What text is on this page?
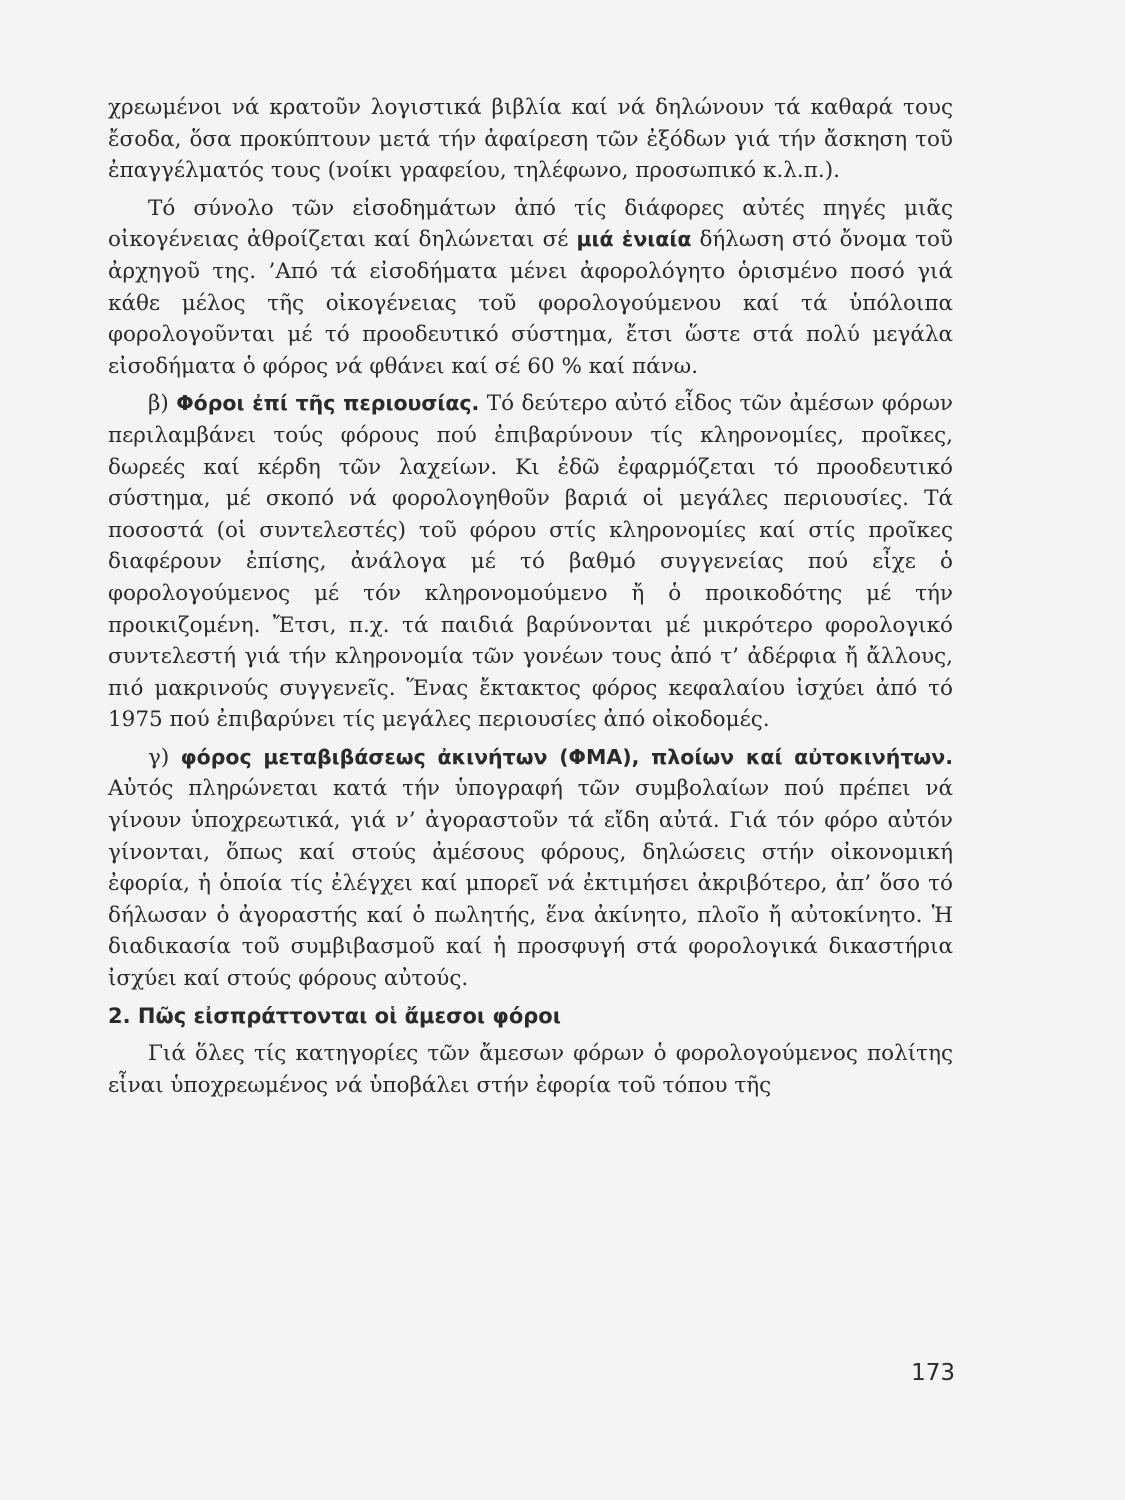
χρεωμένοι νά κρατοῦν λογιστικά βιβλία καί νά δηλώνουν τά καθαρά τους ἔσοδα, ὅσα προκύπτουν μετά τήν ἀφαίρεση τῶν ἐξόδων γιά τήν ἄσκηση τοῦ ἐπαγγέλματός τους (νοίκι γραφείου, τηλέφωνο, προσωπικό κ.λ.π.).

Τό σύνολο τῶν εἰσοδημάτων ἀπό τίς διάφορες αὐτές πηγές μιᾶς οἰκογένειας ἀθροίζεται καί δηλώνεται σέ μιά ἑνιαία δήλωση στό ὄνομα τοῦ ἀρχηγοῦ της. ’Από τά εἰσοδήματα μένει ἀφορολόγητο ὁρισμένο ποσό γιά κάθε μέλος τῆς οἰκογένειας τοῦ φορολογούμενου καί τά ὑπόλοιπα φορολογοῦνται μέ τό προοδευτικό σύστημα, ἔτσι ὥστε στά πολύ μεγάλα εἰσοδήματα ὁ φόρος νά φθάνει καί σέ 60 % καί πάνω.

β) Φόροι ἐπί τῆς περιουσίας. Τό δεύτερο αὐτό εἶδος τῶν ἀμέσων φόρων περιλαμβάνει τούς φόρους πού ἐπιβαρύνουν τίς κληρονομίες, προῖκες, δωρεές καί κέρδη τῶν λαχείων. Κι ἐδῶ ἐφαρμόζεται τό προοδευτικό σύστημα, μέ σκοπό νά φορολογηθοῦν βαριά οἱ μεγάλες περιουσίες. Τά ποσοστά (οἱ συντελεστές) τοῦ φόρου στίς κληρονομίες καί στίς προῖκες διαφέρουν ἐπίσης, ἀνάλογα μέ τό βαθμό συγγενείας πού εἶχε ὁ φορολογούμενος μέ τόν κληρονομούμενο ἤ ὁ προικοδότης μέ τήν προικιζομένη. Ἔτσι, π.χ. τά παιδιά βαρύνονται μέ μικρότερο φορολογικό συντελεστή γιά τήν κληρονομία τῶν γονέων τους ἀπό τ’ ἀδέρφια ἤ ἄλλους, πιό μακρινούς συγγενεῖς. Ἕνας ἔκτακτος φόρος κεφαλαίου ἰσχύει ἀπό τό 1975 πού ἐπιβαρύνει τίς μεγάλες περιουσίες ἀπό οἰκοδομές.

γ) φόρος μεταβιβάσεως ἀκινήτων (ΦΜΑ), πλοίων καί αὐτοκινήτων. Αὐτός πληρώνεται κατά τήν ὑπογραφή τῶν συμβολαίων πού πρέπει νά γίνουν ὑποχρεωτικά, γιά ν’ ἀγοραστοῦν τά εἴδη αὐτά. Γιά τόν φόρο αὐτόν γίνονται, ὅπως καί στούς ἀμέσους φόρους, δηλώσεις στήν οἰκονομική ἐφορία, ἡ ὁποία τίς ἐλέγχει καί μπορεῖ νά ἐκτιμήσει ἀκριβότερο, ἀπ’ ὅσο τό δήλωσαν ὁ ἀγοραστής καί ὁ πωλητής, ἕνα ἀκίνητο, πλοῖο ἤ αὐτοκίνητο. Ἡ διαδικασία τοῦ συμβιβασμοῦ καί ἡ προσφυγή στά φορολογικά δικαστήρια ἰσχύει καί στούς φόρους αὐτούς.

2. Πῶς εἰσπράττονται οἱ ἄμεσοι φόροι

Γιά ὅλες τίς κατηγορίες τῶν ἄμεσων φόρων ὁ φορολογούμενος πολίτης εἶναι ὑποχρεωμένος νά ὑποβάλει στήν ἐφορία τοῦ τόπου τῆς

173
